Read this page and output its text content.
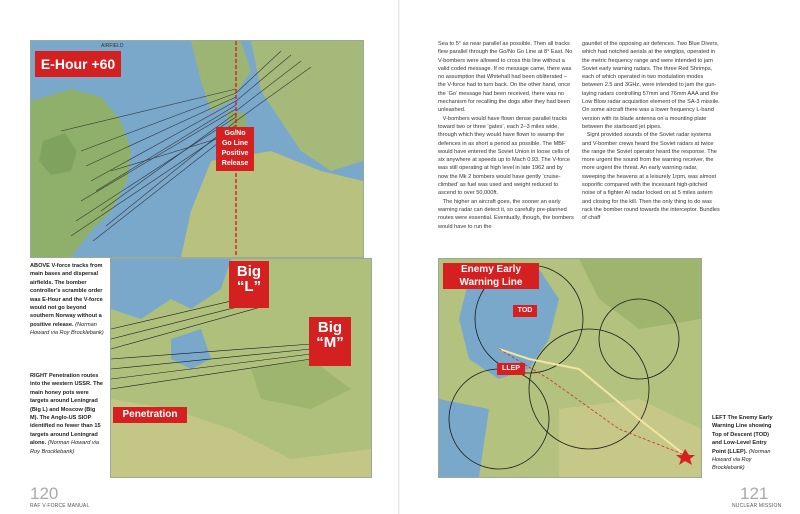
E-Hour +60
Go/No
Go Line
Positive
Release
AIRFIELD
Big
“L”
Big
“M”
Penetration
ABOVE V-force tracks from main bases and dispersal airfields. The bomber controller’s scramble order was E-Hour and the V-force would not go beyond southern Norway without a positive release. (Norman Howard via Roy Brocklebank)
RIGHT Penetration routes into the western USSR. The main honey pots were targets around Leningrad (Big L) and Moscow (Big M). The Anglo-US SIOP identified no fewer than 15 targets around Leningrad alone. (Norman Howard via Roy Brocklebank)
120
RAF V-FORCE MANUAL
Sea to 5° as near parallel as possible. Then all tracks flew parallel through the Go/No Go Line at 8° East. No V-bombers were allowed to cross this line without a valid coded message. If no message came, there was no assumption that Whitehall had been obliterated – the V-force had to turn back. On the other hand, once the ‘Go’ message had been received, there was no mechanism for recalling the dogs after they had been unleashed.
V-bombers would have flown dense parallel tracks toward two or three ‘gates’, each 2–3 miles wide, through which they would have flown to swamp the defences in as short a period as possible. The MBF would have entered the Soviet Union in loose cells of six anywhere at speeds up to Mach 0.93. The V-force was still operating at high level in late 1962 and by now the Mk 2 bombers would have gently ‘cruise-climbed’ as fuel was used and weight reduced to ascend to over 50,000ft.
The higher an aircraft goes, the sooner an early warning radar can detect it, so carefully pre-planned routes were essential. Eventually, though, the bombers would have to run the
gauntlet of the opposing air defences. Two Blue Divers, which had notched aerials at the wingtips, operated in the metric frequency range and were intended to jam Soviet early warning radars. The three Red Shrimps, each of which operated in two modulation modes between 2.5 and 3GHz, were intended to jam the gun-laying radars controlling 57mm and 76mm AAA and the Low Blow radar acquisition element of the SA-3 missile. On some aircraft there was a lower frequency L-band version with its blade antenna on a mounting plate between the starboard jet pipes.
Signt provided sounds of the Soviet radar systems and V-bomber crews heard the Soviet radars at twice the range the Soviet operator heard the response. The more urgent the sound from the warning receiver, the more urgent the threat. An early warning radar, sweeping the heavens at a leisurely 1rpm, was almost soporific compared with the incessant high-pitched noise of a fighter AI radar locked on at 5 miles astern and closing for the kill. Then the only thing to do was rack the bomber round towards the interceptor. Bundles of chaff
Enemy Early
Warning Line
TOD
LLEP
LEFT The Enemy Early Warning Line showing Top of Descent (TOD) and Low-Level Entry Point (LLEP). (Norman Howard via Roy Brocklebank)
121
NUCLEAR MISSION
